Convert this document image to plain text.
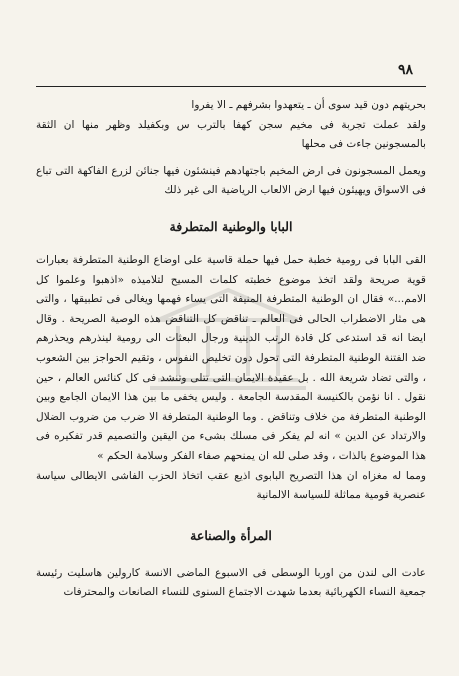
٩٨

بحريتهم دون قيد سوى أن ـ يتعهدوا بشرفهم ـ الا يفروا

ولقد عملت تجربة فى مخيم سجن كهفا بالترب س وبكفيلد وظهر منها ان الثقة بالمسجونين جاءت فى محلها

ويعمل المسجونون فى ارض المخيم باجتهادهم فينشئون فيها جنائن لزرع الفاكهة التى تباع فى الاسواق ويهيئون فيها ارض الالعاب الرياضية الى غير ذلك

البابا والوطنية المتطرفة

القى البابا فى رومية خطبة حمل فيها حملة قاسية على اوضاع الوطنية المتطرفة بعبارات قوية صريحة ولقد اتخذ موضوع خطبته كلمات المسيح لتلاميذه «اذهبوا وعلموا كل الامم...» فقال ان الوطنية المتطرفة المنيفة التى يساء فهمها ويغالى فى تطبيقها ، والتى هى مثار الاضطراب الحالى فى العالم ـ تناقض كل التناقض هذه الوصية الصريحة . وقال ايضا انه قد استدعى كل قادة الرتب الدينية ورجال البعثات الى رومية لينذرهم ويحذرهم ضد الفتنة الوطنية المتطرفة التى تحول دون تخليص النفوس ، وتقيم الحواجز بين الشعوب ، والتى تضاد شريعة الله . بل عقيدة الايمان التى تتلى وتنشد فى كل كنائس العالم ، حين نقول . انا نؤمن بالكنيسة المقدسة الجامعة . وليس يخفى ما بين هذا الايمان الجامع وبين الوطنية المتطرفة من خلاف وتناقض . وما الوطنية المتطرفة الا ضرب من ضروب الضلال والارتداد عن الدين » انه لم يفكر فى مسلك بشىء من اليقين والتصميم قدر تفكيره فى هذا الموضوع بالذات ، وقد صلى لله ان يمنحهم صفاء الفكر وسلامة الحكم »

ومما له مغزاه ان هذا التصريح البابوى اذيع عقب اتخاذ الحزب الفاشى الايطالى سياسة عنصرية قومية مماثلة للسياسة الالمانية

المرأة والصناعة

عادت الى لندن من اوربا الوسطى فى الاسبوع الماضى الانسة كارولين هاسليت رئيسة جمعية النساء الكهربائية بعدما شهدت الاجتماع السنوى للنساء الصانعات والمحترفات
